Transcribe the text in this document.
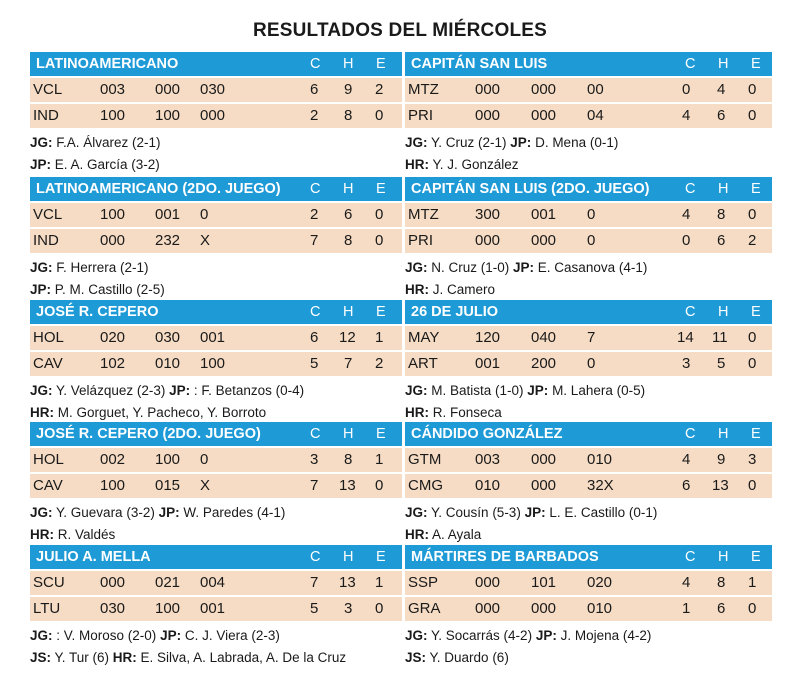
RESULTADOS DEL MIÉRCOLES
LATINOAMERICANO	C H E
VCL	003 000 030	6 9 2
IND	100 100 000	2 8 0
JG: F.A. Álvarez (2-1)
JP: E. A. García (3-2)
LATINOAMERICANO (2DO. JUEGO) C H E
VCL	100 001 0	2 6 0
IND	000 232 X	7 8 0
JG: F. Herrera (2-1)
JP: P. M. Castillo (2-5)
JOSÉ R. CEPERO	C H E
HOL 020 030 001	6 12 1
CAV 102 010 100	5 7 2
JG: Y. Velázquez (2-3) JP: : F. Betanzos (0-4)
HR: M. Gorguet, Y. Pacheco, Y. Borroto
JOSÉ R. CEPERO (2DO. JUEGO)	C H E
HOL 002 100 0	3 8 1
CAV 100 015 X	7 13 0
JG: Y. Guevara (3-2) JP: W. Paredes (4-1)
HR: R. Valdés
JULIO A. MELLA	C H E
SCU 000 021 004	7 13 1
LTU	030 100 001	5 3 0
JG: : V. Moroso (2-0) JP: C. J. Viera (2-3)
JS: Y. Tur (6) HR: E. Silva, A. Labrada, A. De la Cruz
CAPITÁN SAN LUIS	C H E
MTZ 000 000 00	0 4 0
PRI	000 000 04	4 6 0
JG: Y. Cruz (2-1) JP: D. Mena (0-1)
HR: Y. J. González
CAPITÁN SAN LUIS (2DO. JUEGO) C H E
MTZ 300 001 0	4 8 0
PRI	000 000 0	0 6 2
JG: N. Cruz (1-0) JP: E. Casanova (4-1)
HR: J. Camero
26 DE JULIO	C H E
MAY 120 040 7	14 11 0
ART 001 200 0	3 5 0
JG: M. Batista (1-0) JP: M. Lahera (0-5)
HR: R. Fonseca
CÁNDIDO GONZÁLEZ	C H E
GTM 003 000 010	4 9 3
CMG 010 000 32X	6 13 0
JG: Y. Cousín (5-3) JP: L. E. Castillo (0-1)
HR: A. Ayala
MÁRTIRES DE BARBADOS	C H E
SSP 000 101 020	4 8 1
GRA 000 000 010	1 6 0
JG: Y. Socarrás (4-2) JP: J. Mojena (4-2)
JS: Y. Duardo (6)
